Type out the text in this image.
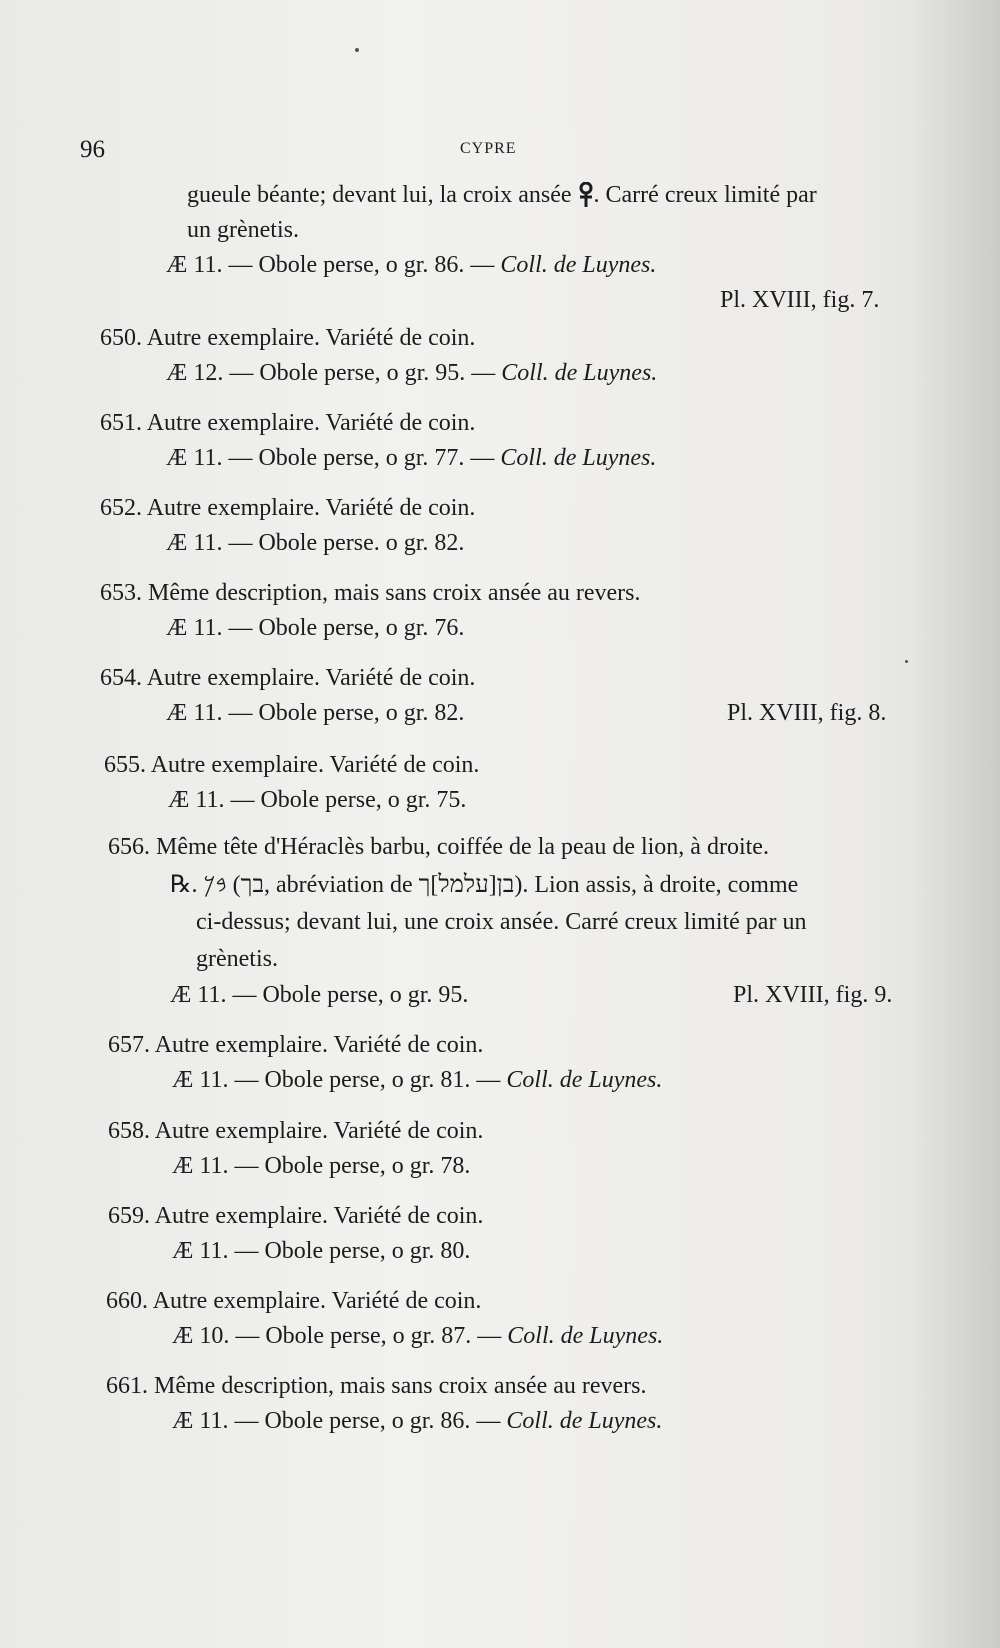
96	CYPRE
gueule béante; devant lui, la croix ansée . Carré creux limité par
un grènetis.
Æ 11. — Obole perse, o gr. 86. — Coll. de Luynes.
Pl. XVIII, fig. 7.
650. Autre exemplaire. Variété de coin.
Æ 12. — Obole perse, o gr. 95. — Coll. de Luynes.
651. Autre exemplaire. Variété de coin.
Æ 11. — Obole perse, o gr. 77. — Coll. de Luynes.
652. Autre exemplaire. Variété de coin.
Æ 11. — Obole perse. o gr. 82.
653. Même description, mais sans croix ansée au revers.
Æ 11. — Obole perse, o gr. 76.
654. Autre exemplaire. Variété de coin.
Æ 11. — Obole perse, o gr. 82.	Pl. XVIII, fig. 8.
655. Autre exemplaire. Variété de coin.
Æ 11. — Obole perse, o gr. 75.
656. Même tête d'Héraclès barbu, coiffée de la peau de lion, à droite.
℞. 𐤁𐤊 (בך, abréviation de בן[עלמל]ך). Lion assis, à droite, comme
ci-dessus; devant lui, une croix ansée. Carré creux limité par un
grènetis.
Æ 11. — Obole perse, o gr. 95.	Pl. XVIII, fig. 9.
657. Autre exemplaire. Variété de coin.
Æ 11. — Obole perse, o gr. 81. — Coll. de Luynes.
658. Autre exemplaire. Variété de coin.
Æ 11. — Obole perse, o gr. 78.
659. Autre exemplaire. Variété de coin.
Æ 11. — Obole perse, o gr. 80.
660. Autre exemplaire. Variété de coin.
Æ 10. — Obole perse, o gr. 87. — Coll. de Luynes.
661. Même description, mais sans croix ansée au revers.
Æ 11. — Obole perse, o gr. 86. — Coll. de Luynes.
